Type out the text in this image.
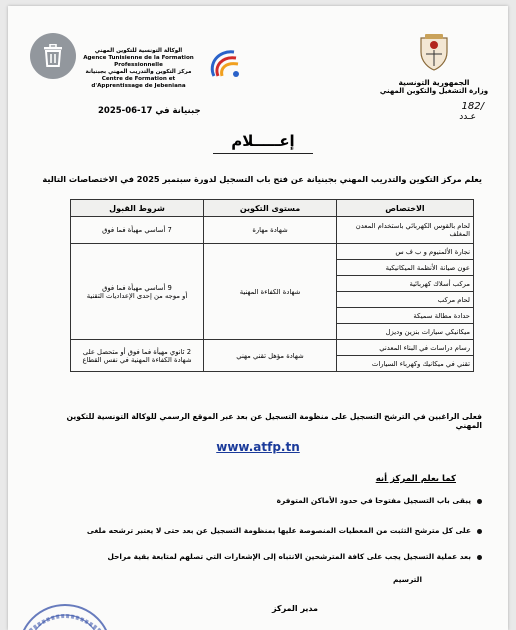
الجمهورية التونسية
وزارة التشغيل والتكوين المهني
182/
عـدد
الوكالة التونسية للتكوين المهني
Agence Tunisienne de la Formation Professionnelle
مركز التكوين والتدريب المهني بجبنيانة
Centre de Formation et d'Apprentissage de Jebeniana
جبنيانة في 17-06-2025
إعـــــلام
يعلم مركز التكوين والتدريب المهني بجبنيانة عن فتح باب التسجيل لدورة سبتمبر 2025 في الاختصاصات التالية
الاختصاص	مستوى التكوين	شروط القبول
لحام بالقوس الكهربائي باستخدام المعدن المغلف	شهادة مهارة	7 أساسي مهيأة فما فوق
نجارة الألمنيوم و ب ف س	شهادة الكفاءة المهنية	9 أساسي مهيأة فما فوق
أو موجه من إحدى الإعداديات التقنية

عون صيانة الأنظمة الميكانيكية		
مركب أسلاك كهربائية		
لحام مركب		
حدادة مطالة سميكة		
ميكانيكي سيارات بنزين وديزل		
رسام دراسات في البناء المعدني	شهادة مؤهل تقني مهني	2 ثانوي مهيأة فما فوق أو متحصل على
شهادة الكفاءة المهنية في نفس القطاع

تقني في ميكانيك وكهرباء السيارات		
فعلى الراغبين في الترشح التسجيل على منظومة التسجيل عن بعد عبر الموقع الرسمي للوكالة التونسية للتكوين المهني
www.atfp.tn
كما يعلم المركز أنه
يبقى باب التسجيل مفتوحا في حدود الأماكن المتوفرة
على كل مترشح التثبت من المعطيات المنصوصة عليها بمنظومة التسجيل عن بعد حتى لا يعتبر ترشحه ملغى
بعد عملية التسجيل يجب على كافة المترشحين الانتباه إلى الإشعارات التي تصلهم لمتابعة بقية مراحل
الترسيم
مدير المركز
